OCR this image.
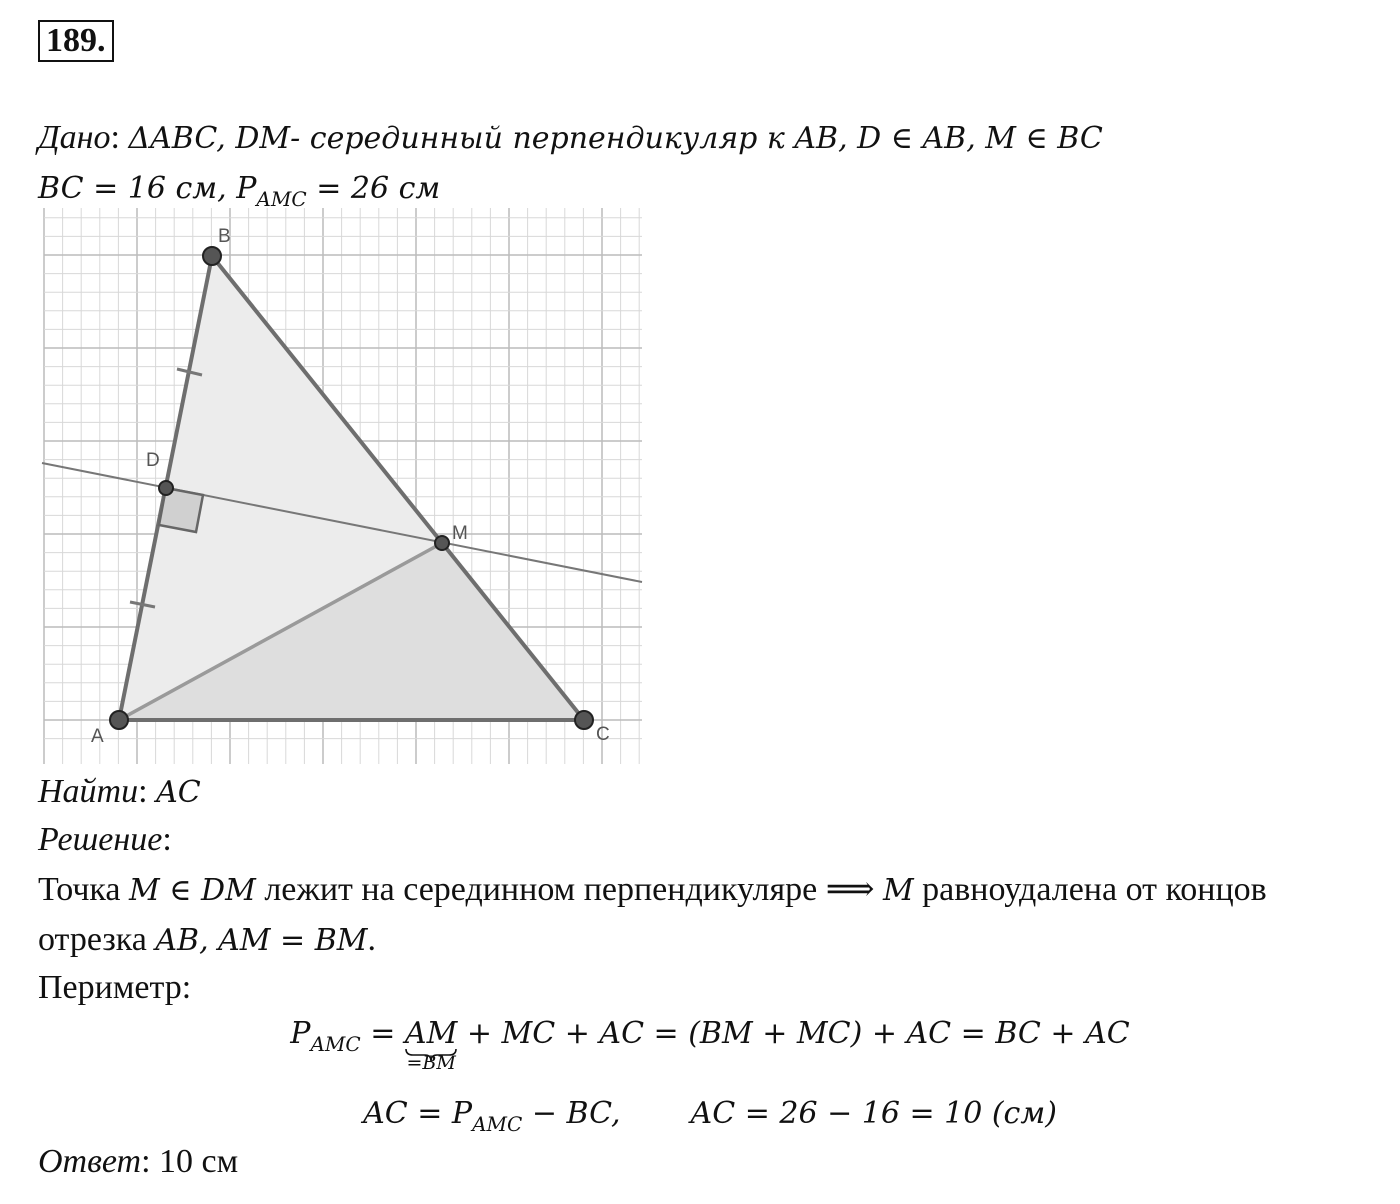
189.
Дано: ΔABC, DM- серединный перпендикуляр к AB, D ∈ AB, M ∈ BC
BC = 16 см, $P_{AMC} = 26$ см
A
B
C
D
M
Найти: AC
Решение:
Точка M ∈ DM лежит на серединном перпендикуляре ⟹ M равноудалена от концов
отрезка AB, AM = BM.
Периметр:
$P_{AMC}$ = AM
=BM
+ MC + AC = (BM + MC) + AC = BC + AC
AC = $P_{AMC}$ − BC, AC = 26 − 16 = 10 (см)
Ответ: 10 см
